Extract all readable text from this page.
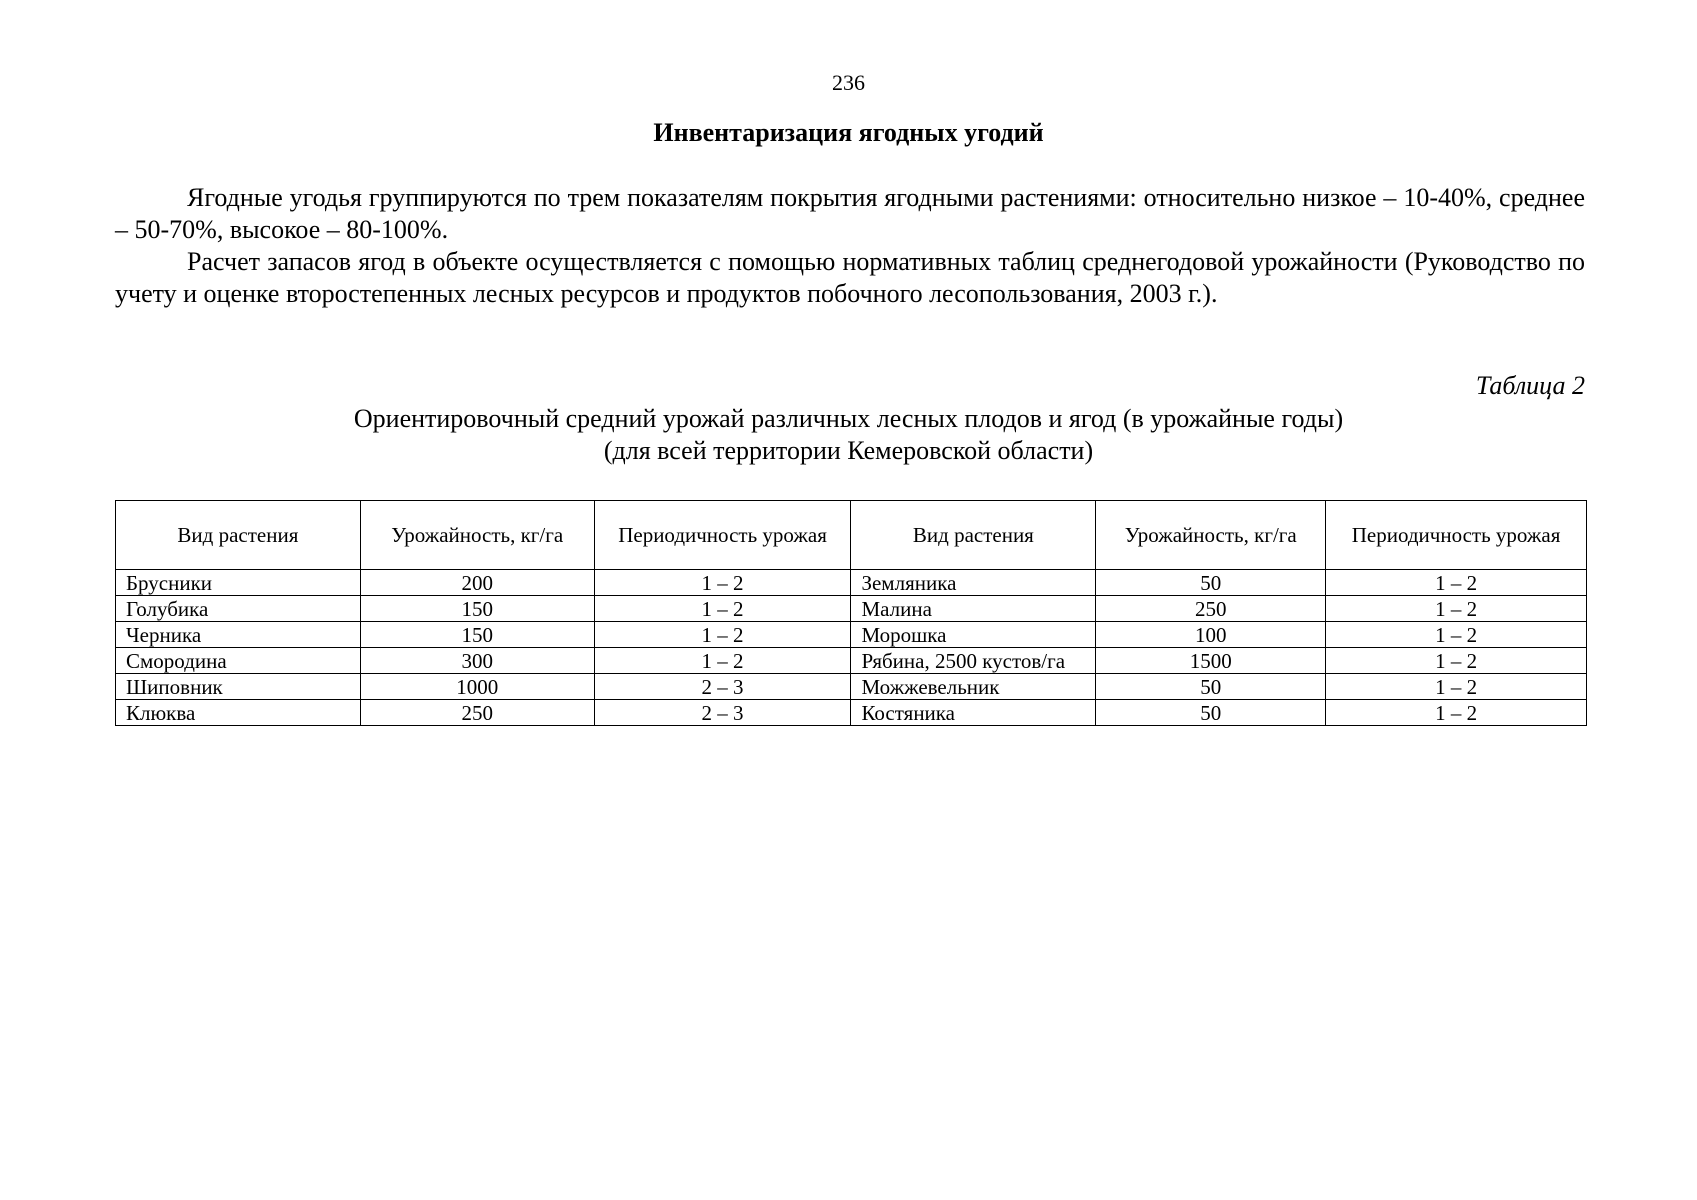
236
Инвентаризация ягодных угодий

Ягодные угодья группируются по трем показателям покрытия ягодными растениями: относительно низкое – 10-40%, среднее – 50-70%, высокое – 80-100%.

Расчет запасов ягод в объекте осуществляется с помощью нормативных таблиц среднегодовой урожайности (Руководство по учету и оценке второстепенных лесных ресурсов и продуктов побочного лесопользования, 2003 г.).

Таблица 2
Ориентировочный средний урожай различных лесных плодов и ягод (в урожайные годы)
(для всей территории Кемеровской области)
Вид растения	Урожайность, кг/га	Периодичность урожая	Вид растения	Урожайность, кг/га	Периодичность урожая
Брусники	200	1 – 2	Земляника	50	1 – 2
Голубика	150	1 – 2	Малина	250	1 – 2
Черника	150	1 – 2	Морошка	100	1 – 2
Смородина	300	1 – 2	Рябина, 2500 кустов/га	1500	1 – 2
Шиповник	1000	2 – 3	Можжевельник	50	1 – 2
Клюква	250	2 – 3	Костяника	50	1 – 2
